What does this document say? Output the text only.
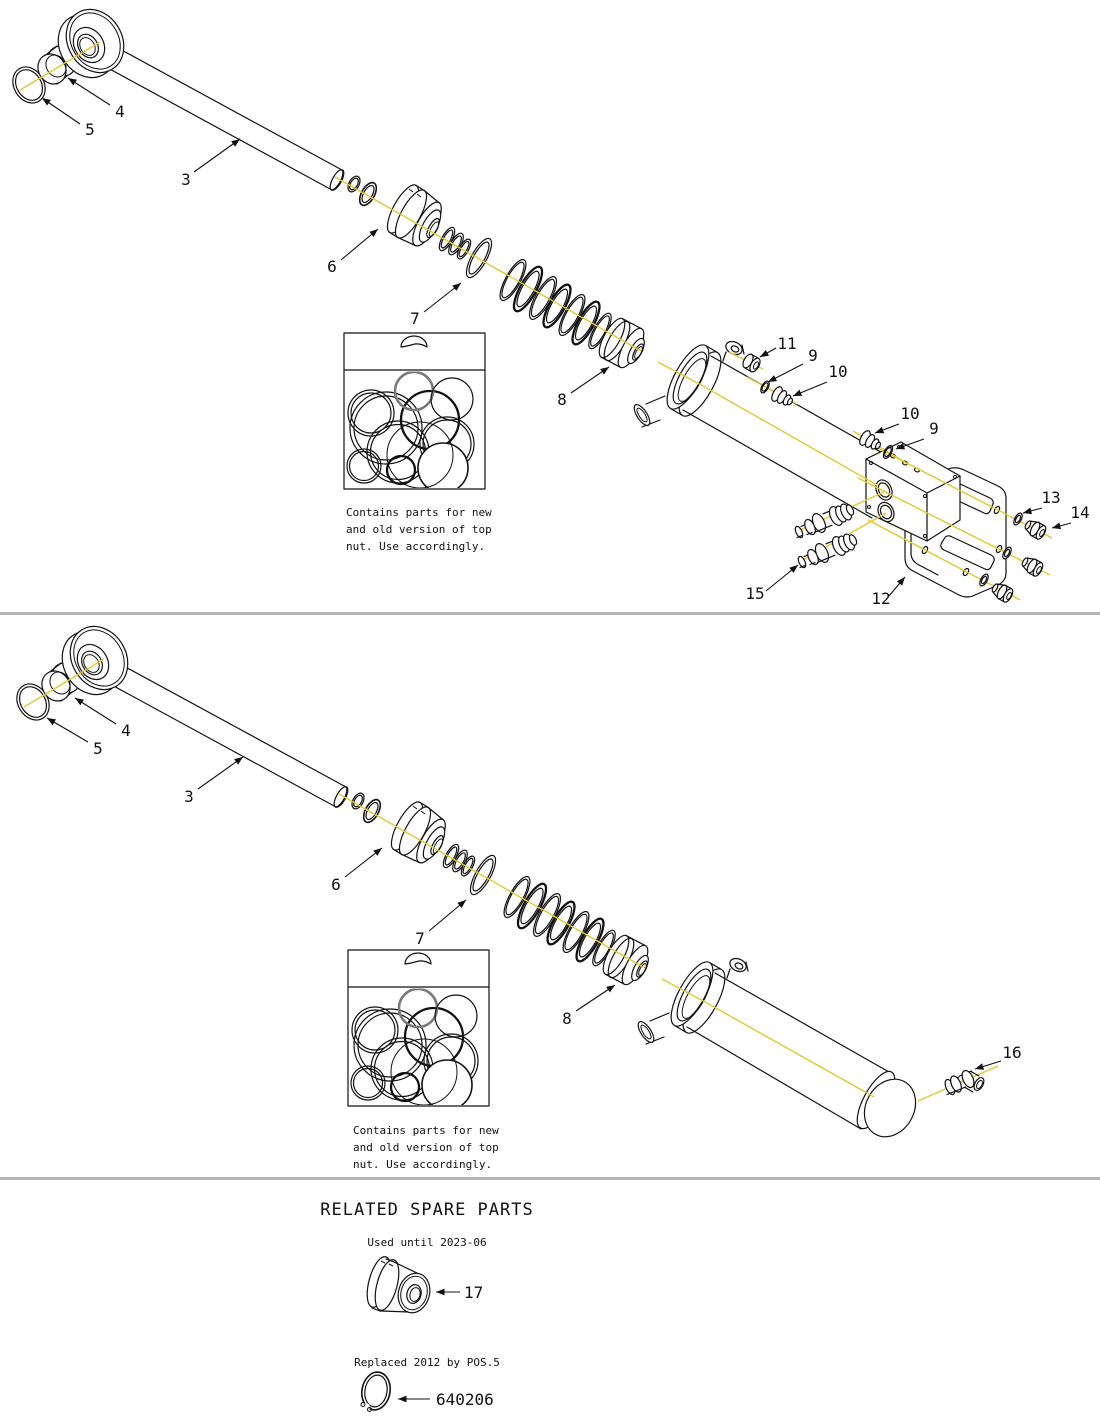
3
4
5
6
7
8
11
9
10
10
9
13
14
12
15
Contains parts for new
and old version of top
nut. Use accordingly.
3
4
5
6
7
8
16
Contains parts for new
and old version of top
nut. Use accordingly.
RELATED SPARE PARTS
Used until 2023-06
17
Replaced 2012 by POS.5
640206
